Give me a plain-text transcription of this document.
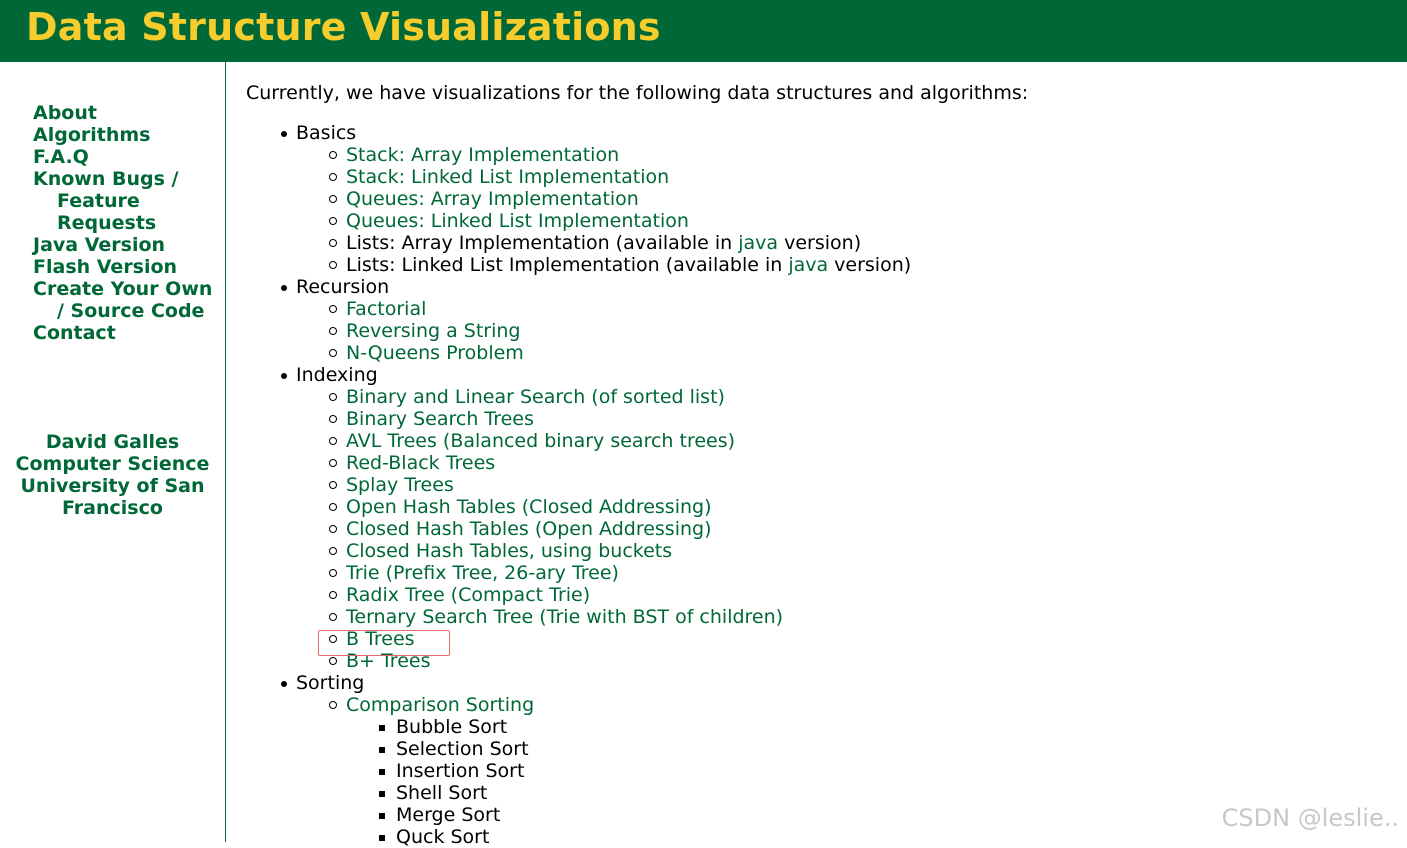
Data Structure Visualizations
About
Algorithms
F.A.Q
Known Bugs / Feature Requests
Java Version
Flash Version
Create Your Own / Source Code
Contact
David Galles
Computer Science
University of San Francisco

Currently, we have visualizations for the following data structures and algorithms:

Basics
Stack: Array Implementation
Stack: Linked List Implementation
Queues: Array Implementation
Queues: Linked List Implementation
Lists: Array Implementation (available in java version)
Lists: Linked List Implementation (available in java version)
Recursion
Factorial
Reversing a String
N-Queens Problem
Indexing
Binary and Linear Search (of sorted list)
Binary Search Trees
AVL Trees (Balanced binary search trees)
Red-Black Trees
Splay Trees
Open Hash Tables (Closed Addressing)
Closed Hash Tables (Open Addressing)
Closed Hash Tables, using buckets
Trie (Prefix Tree, 26-ary Tree)
Radix Tree (Compact Trie)
Ternary Search Tree (Trie with BST of children)
B Trees
B+ Trees
Sorting
Comparison Sorting
Bubble Sort
Selection Sort
Insertion Sort
Shell Sort
Merge Sort
Quck Sort	CSDN @leslie..
